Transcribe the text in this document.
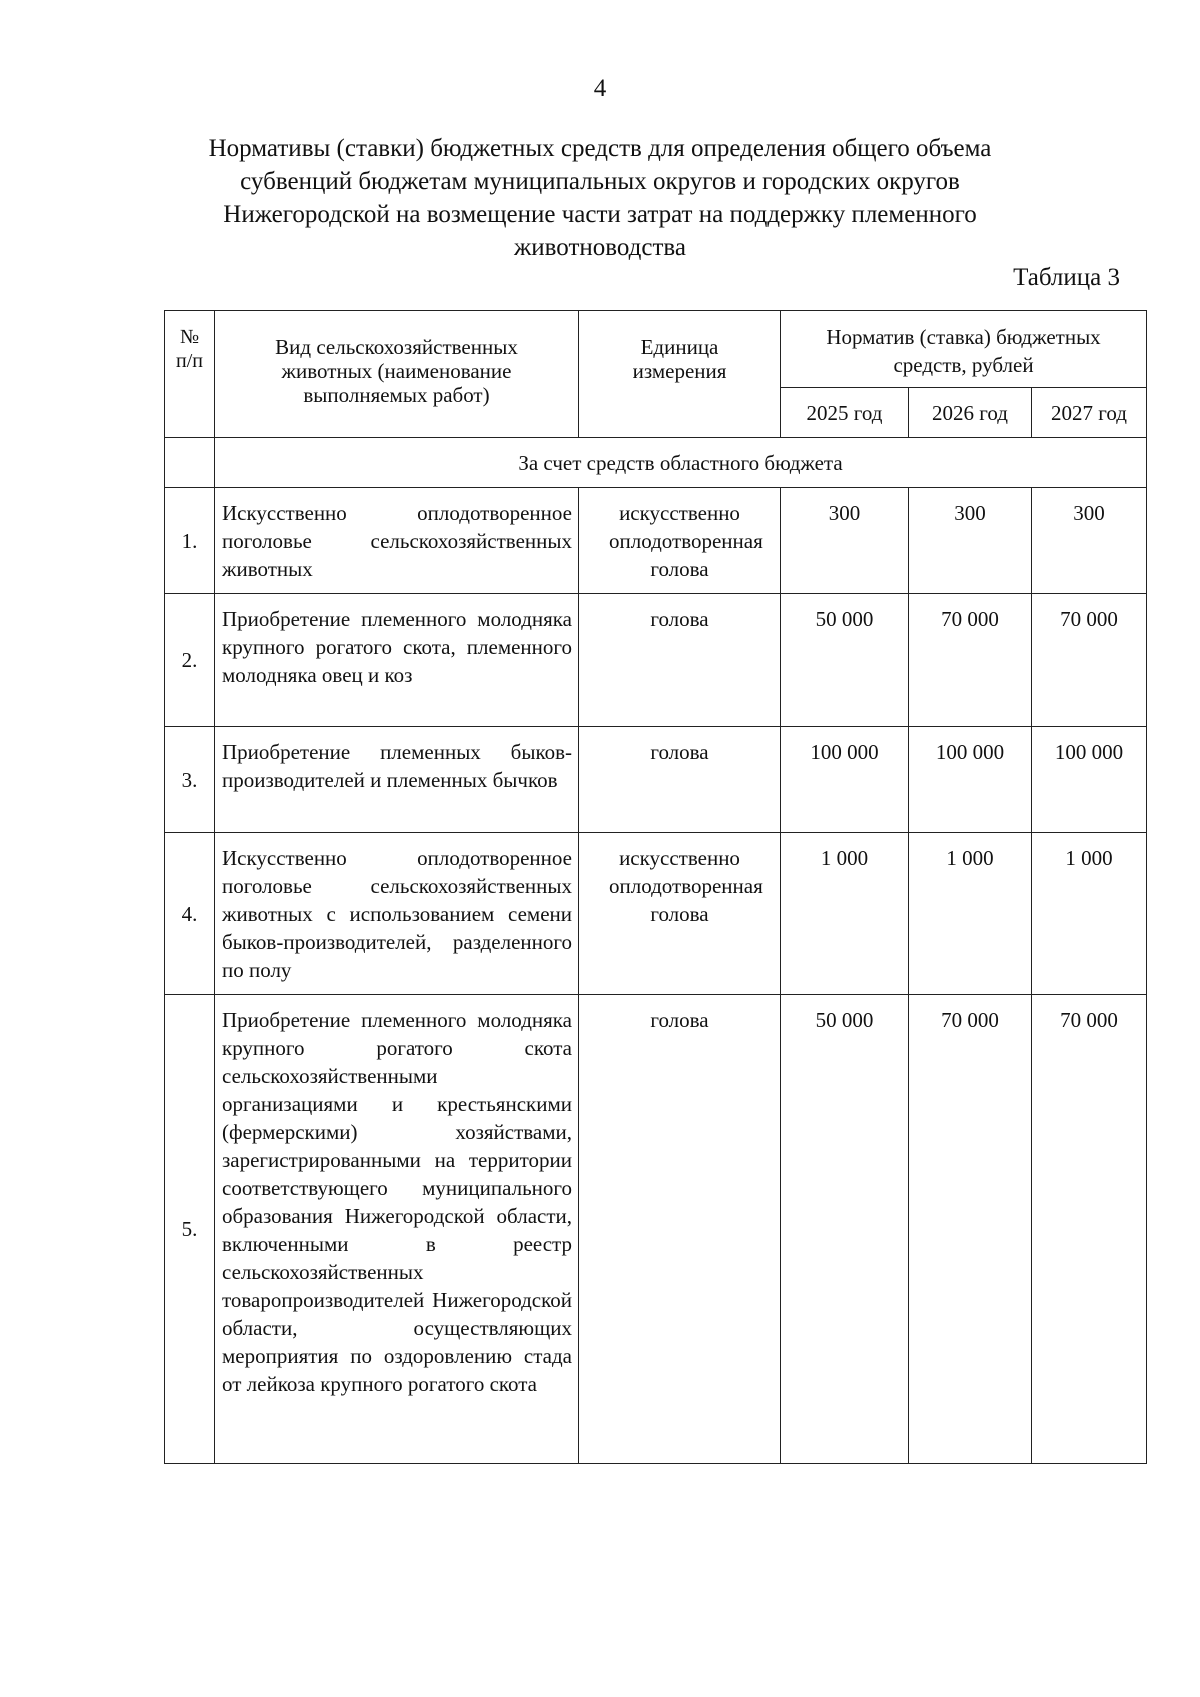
4
Нормативы (ставки) бюджетных средств для определения общего объема
субвенций бюджетам муниципальных округов и городских округов
Нижегородской на возмещение части затрат на поддержку племенного
животноводства
Таблица 3
№ п/п	Вид сельскохозяйственных животных (наименование выполняемых работ)	Единица измерения	Норматив (ставка) бюджетных средств, рублей		

			2025 год	2026 год	2027 год
	За счет средств областного бюджета				
1.	Искусственно оплодотворенное поголовье сельскохозяйственных животных	искусственно оплодотворенная голова	300	300	300
2.	Приобретение племенного молодняка крупного рогатого скота, племенного молодняка овец и коз	голова	50 000	70 000	70 000
3.	Приобретение племенных быков-производителей и племенных бычков	голова	100 000	100 000	100 000
4.	Искусственно оплодотворенное поголовье сельскохозяйственных животных с использованием семени быков-производителей, разделенного по полу	искусственно оплодотворенная голова	1 000	1 000	1 000
5.	Приобретение племенного молодняка крупного рогатого скота сельскохозяйственными организациями и крестьянскими (фермерскими) хозяйствами, зарегистрированными на территории соответствующего муниципального образования Нижегородской области, включенными в реестр сельскохозяйственных товаропроизводителей Нижегородской области, осуществляющих мероприятия по оздоровлению стада от лейкоза крупного рогатого скота	голова	50 000	70 000	70 000
